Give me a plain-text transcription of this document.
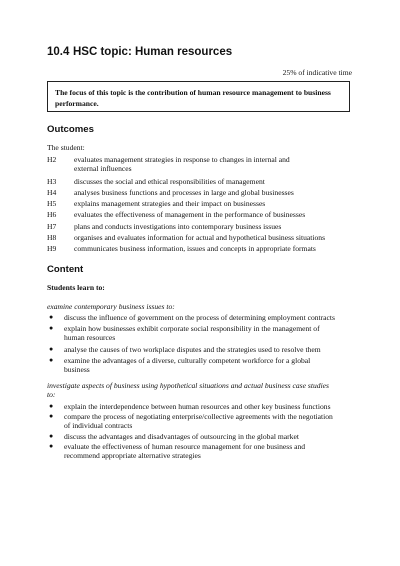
10.4 HSC topic: Human resources
25% of indicative time
The focus of this topic is the contribution of human resource management to business performance.
Outcomes
The student:
H2 evaluates management strategies in response to changes in internal and
external influences
H3 discusses the social and ethical responsibilities of management
H4 analyses business functions and processes in large and global businesses
H5 explains management strategies and their impact on businesses
H6 evaluates the effectiveness of management in the performance of businesses
H7 plans and conducts investigations into contemporary business issues
H8 organises and evaluates information for actual and hypothetical business situations
H9 communicates business information, issues and concepts in appropriate formats
Content
Students learn to:
examine contemporary business issues to:
● discuss the influence of government on the process of determining employment contracts
● explain how businesses exhibit corporate social responsibility in the management of
human resources
● analyse the causes of two workplace disputes and the strategies used to resolve them
● examine the advantages of a diverse, culturally competent workforce for a global
business
investigate aspects of business using hypothetical situations and actual business case studies
to:
● explain the interdependence between human resources and other key business functions
● compare the process of negotiating enterprise/collective agreements with the negotiation
of individual contracts
● discuss the advantages and disadvantages of outsourcing in the global market
● evaluate the effectiveness of human resource management for one business and
recommend appropriate alternative strategies
